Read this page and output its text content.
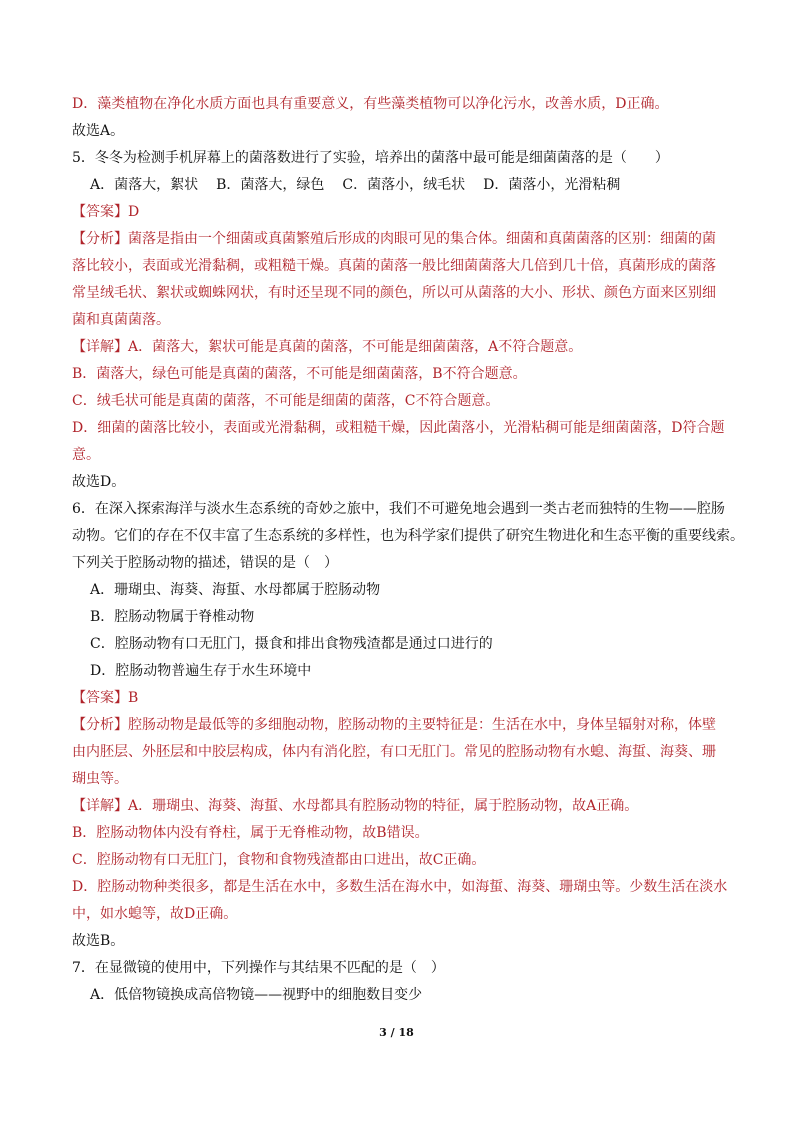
D．藻类植物在净化水质方面也具有重要意义，有些藻类植物可以净化污水，改善水质，D正确。
故选A。
5．冬冬为检测手机屏幕上的菌落数进行了实验，培养出的菌落中最可能是细菌菌落的是（　　）
A．菌落大，絮状 B．菌落大，绿色 C．菌落小，绒毛状 D．菌落小，光滑粘稠
【答案】D
【分析】菌落是指由一个细菌或真菌繁殖后形成的肉眼可见的集合体。细菌和真菌菌落的区别：细菌的菌
落比较小，表面或光滑黏稠，或粗糙干燥。真菌的菌落一般比细菌菌落大几倍到几十倍，真菌形成的菌落
常呈绒毛状、絮状或蜘蛛网状，有时还呈现不同的颜色，所以可从菌落的大小、形状、颜色方面来区别细
菌和真菌菌落。
【详解】A．菌落大，絮状可能是真菌的菌落，不可能是细菌菌落，A不符合题意。
B．菌落大，绿色可能是真菌的菌落，不可能是细菌菌落，B不符合题意。
C．绒毛状可能是真菌的菌落，不可能是细菌的菌落，C不符合题意。
D．细菌的菌落比较小，表面或光滑黏稠，或粗糙干燥，因此菌落小，光滑粘稠可能是细菌菌落，D符合题
意。
故选D。
6．在深入探索海洋与淡水生态系统的奇妙之旅中，我们不可避免地会遇到一类古老而独特的生物——腔肠
动物。它们的存在不仅丰富了生态系统的多样性，也为科学家们提供了研究生物进化和生态平衡的重要线索。
下列关于腔肠动物的描述，错误的是（　）
A．珊瑚虫、海葵、海蜇、水母都属于腔肠动物
B．腔肠动物属于脊椎动物
C．腔肠动物有口无肛门，摄食和排出食物残渣都是通过口进行的
D．腔肠动物普遍生存于水生环境中
【答案】B
【分析】腔肠动物是最低等的多细胞动物，腔肠动物的主要特征是：生活在水中，身体呈辐射对称，体壁
由内胚层、外胚层和中胶层构成，体内有消化腔，有口无肛门。常见的腔肠动物有水螅、海蜇、海葵、珊
瑚虫等。
【详解】A．珊瑚虫、海葵、海蜇、水母都具有腔肠动物的特征，属于腔肠动物，故A正确。
B．腔肠动物体内没有脊柱，属于无脊椎动物，故B错误。
C．腔肠动物有口无肛门，食物和食物残渣都由口进出，故C正确。
D．腔肠动物种类很多，都是生活在水中，多数生活在海水中，如海蜇、海葵、珊瑚虫等。少数生活在淡水
中，如水螅等，故D正确。
故选B。
7．在显微镜的使用中，下列操作与其结果不匹配的是（　）
A．低倍物镜换成高倍物镜——视野中的细胞数目变少
3 / 18
